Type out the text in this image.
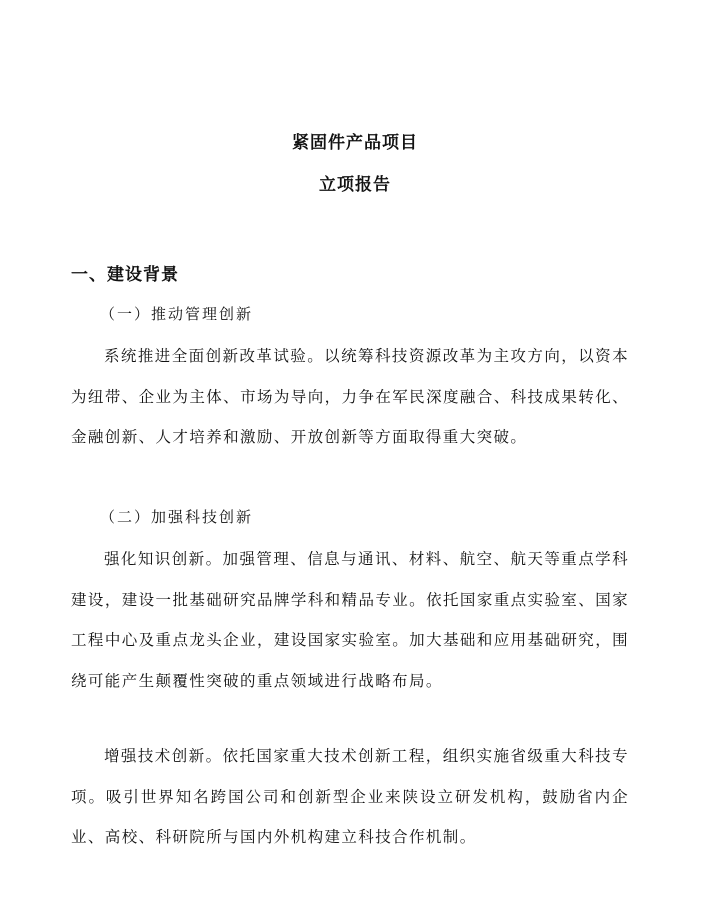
紧固件产品项目
立项报告
一、建设背景
（一）推动管理创新

系统推进全面创新改革试验。以统筹科技资源改革为主攻方向，以资本为纽带、企业为主体、市场为导向，力争在军民深度融合、科技成果转化、金融创新、人才培养和激励、开放创新等方面取得重大突破。

（二）加强科技创新

强化知识创新。加强管理、信息与通讯、材料、航空、航天等重点学科建设，建设一批基础研究品牌学科和精品专业。依托国家重点实验室、国家工程中心及重点龙头企业，建设国家实验室。加大基础和应用基础研究，围绕可能产生颠覆性突破的重点领域进行战略布局。

增强技术创新。依托国家重大技术创新工程，组织实施省级重大科技专项。吸引世界知名跨国公司和创新型企业来陕设立研发机构，鼓励省内企业、高校、科研院所与国内外机构建立科技合作机制。
